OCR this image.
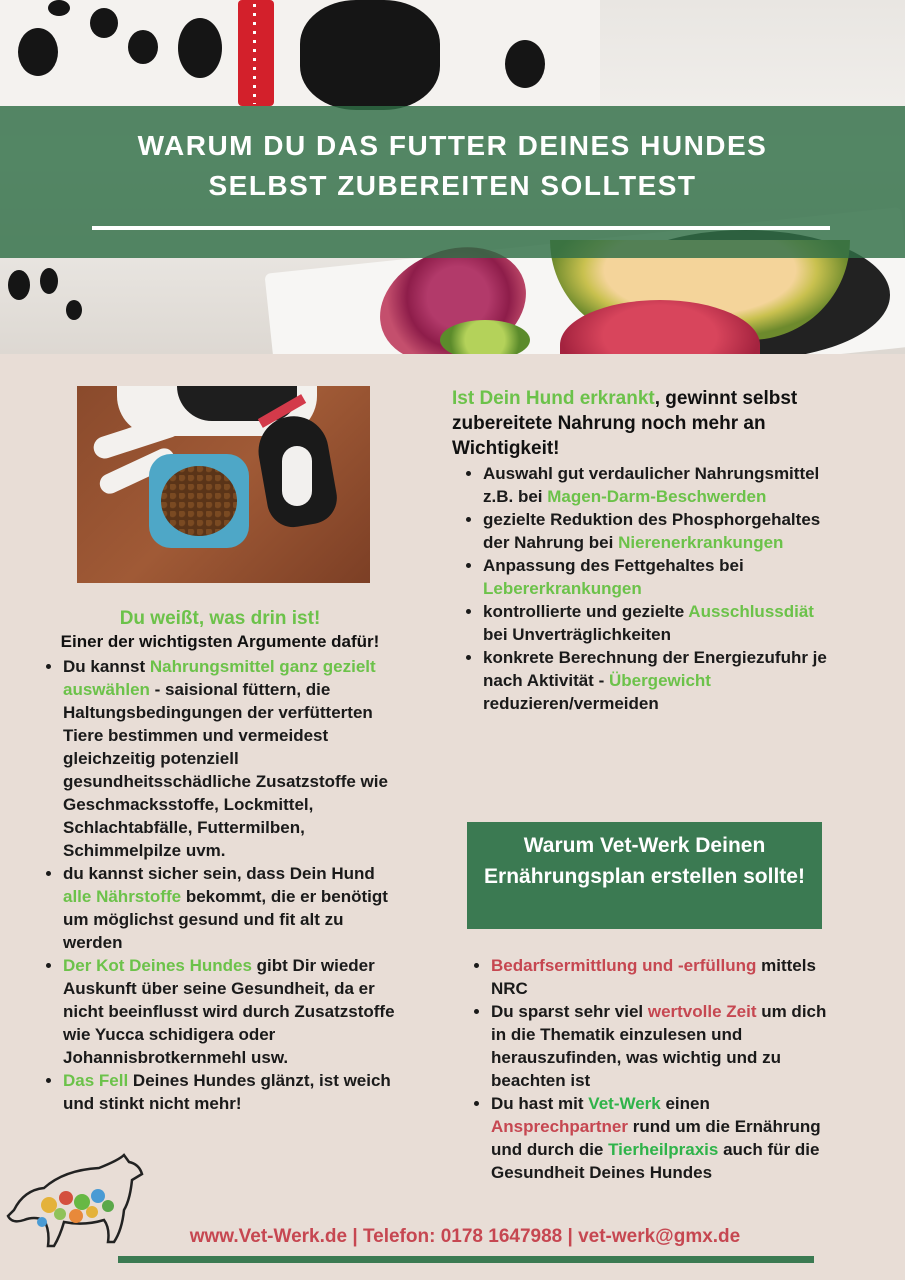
WARUM DU DAS FUTTER DEINES HUNDES
SELBST ZUBEREITEN SOLLTEST
Du weißt, was drin ist!
Einer der wichtigsten Argumente dafür!
• Du kannst Nahrungsmittel ganz gezielt auswählen - saisional füttern, die Haltungsbedingungen der verfütterten Tiere bestimmen und vermeidest gleichzeitig potenziell gesundheitsschädliche Zusatzstoffe wie Geschmacksstoffe, Lockmittel, Schlachtabfälle, Futtermilben, Schimmelpilze uvm.
• du kannst sicher sein, dass Dein Hund alle Nährstoffe bekommt, die er benötigt um möglichst gesund und fit alt zu werden
• Der Kot Deines Hundes gibt Dir wieder Auskunft über seine Gesundheit, da er nicht beeinflusst wird durch Zusatzstoffe wie Yucca schidigera oder Johannisbrotkernmehl usw.
• Das Fell Deines Hundes glänzt, ist weich und stinkt nicht mehr!
Ist Dein Hund erkrankt, gewinnt selbst zubereitete Nahrung noch mehr an Wichtigkeit!
• Auswahl gut verdaulicher Nahrungsmittel z.B. bei Magen-Darm-Beschwerden
• gezielte Reduktion des Phosphorgehaltes der Nahrung bei Nierenerkrankungen
• Anpassung des Fettgehaltes bei Lebererkrankungen
• kontrollierte und gezielte Ausschlussdiät bei Unverträglichkeiten
• konkrete Berechnung der Energiezufuhr je nach Aktivität - Übergewicht reduzieren/vermeiden
Warum Vet-Werk Deinen Ernährungsplan erstellen sollte!
• Bedarfsermittlung und -erfüllung mittels NRC
• Du sparst sehr viel wertvolle Zeit um dich in die Thematik einzulesen und herauszufinden, was wichtig und zu beachten ist
• Du hast mit Vet-Werk einen Ansprechpartner rund um die Ernährung und durch die Tierheilpraxis auch für die Gesundheit Deines Hundes
www.Vet-Werk.de | Telefon: 0178 1647988 | vet-werk@gmx.de
